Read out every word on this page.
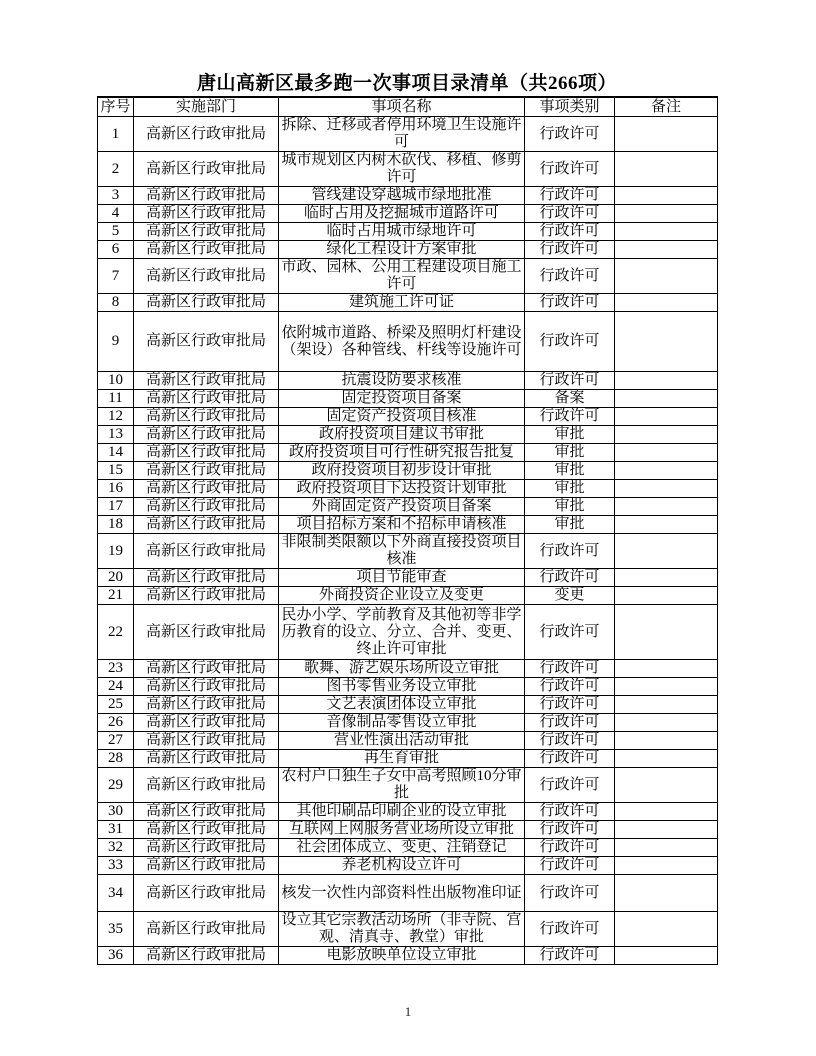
唐山高新区最多跑一次事项目录清单（共266项）
序号	实施部门	事项名称	事项类别	备注
1	高新区行政审批局	拆除、迁移或者停用环境卫生设施许可	行政许可	
2	高新区行政审批局	城市规划区内树木砍伐、移植、修剪许可	行政许可	
3	高新区行政审批局	管线建设穿越城市绿地批准	行政许可	
4	高新区行政审批局	临时占用及挖掘城市道路许可	行政许可	
5	高新区行政审批局	临时占用城市绿地许可	行政许可	
6	高新区行政审批局	绿化工程设计方案审批	行政许可	
7	高新区行政审批局	市政、园林、公用工程建设项目施工许可	行政许可	
8	高新区行政审批局	建筑施工许可证	行政许可	
9	高新区行政审批局	依附城市道路、桥梁及照明灯杆建设（架设）各种管线、杆线等设施许可	行政许可	
10	高新区行政审批局	抗震设防要求核准	行政许可	
11	高新区行政审批局	固定投资项目备案	备案	
12	高新区行政审批局	固定资产投资项目核准	行政许可	
13	高新区行政审批局	政府投资项目建议书审批	审批	
14	高新区行政审批局	政府投资项目可行性研究报告批复	审批	
15	高新区行政审批局	政府投资项目初步设计审批	审批	
16	高新区行政审批局	政府投资项目下达投资计划审批	审批	
17	高新区行政审批局	外商固定资产投资项目备案	审批	
18	高新区行政审批局	项目招标方案和不招标申请核准	审批	
19	高新区行政审批局	非限制类限额以下外商直接投资项目核准	行政许可	
20	高新区行政审批局	项目节能审查	行政许可	
21	高新区行政审批局	外商投资企业设立及变更	变更	
22	高新区行政审批局	民办小学、学前教育及其他初等非学历教育的设立、分立、合并、变更、终止许可审批	行政许可	
23	高新区行政审批局	歌舞、游艺娱乐场所设立审批	行政许可	
24	高新区行政审批局	图书零售业务设立审批	行政许可	
25	高新区行政审批局	文艺表演团体设立审批	行政许可	
26	高新区行政审批局	音像制品零售设立审批	行政许可	
27	高新区行政审批局	营业性演出活动审批	行政许可	
28	高新区行政审批局	再生育审批	行政许可	
29	高新区行政审批局	农村户口独生子女中高考照顾10分审批	行政许可	
30	高新区行政审批局	其他印刷品印刷企业的设立审批	行政许可	
31	高新区行政审批局	互联网上网服务营业场所设立审批	行政许可	
32	高新区行政审批局	社会团体成立、变更、注销登记	行政许可	
33	高新区行政审批局	养老机构设立许可	行政许可	
34	高新区行政审批局	核发一次性内部资料性出版物准印证	行政许可	
35	高新区行政审批局	设立其它宗教活动场所（非寺院、宫观、清真寺、教堂）审批	行政许可	
36	高新区行政审批局	电影放映单位设立审批	行政许可	
1
